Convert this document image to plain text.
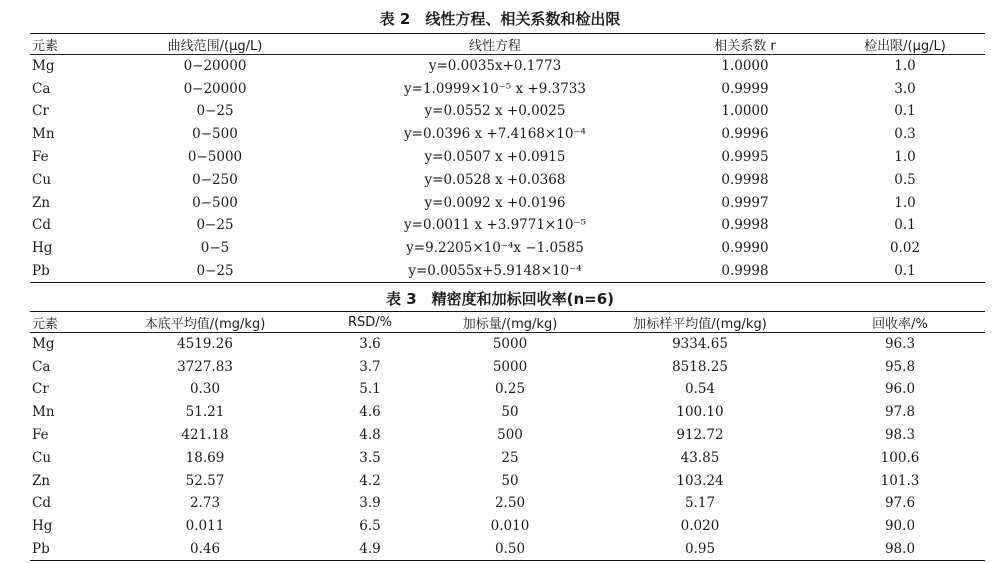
表 2　线性方程、相关系数和检出限
元素	曲线范围/(μg/L)	线性方程	相关系数 r	检出限/(μg/L)
Mg	0−20000	y=0.0035x+0.1773	1.0000	1.0
Ca	0−20000	y=1.0999×10⁻⁵ x +9.3733	0.9999	3.0
Cr	0−25	y=0.0552 x +0.0025	1.0000	0.1
Mn	0−500	y=0.0396 x +7.4168×10⁻⁴	0.9996	0.3
Fe	0−5000	y=0.0507 x +0.0915	0.9995	1.0
Cu	0−250	y=0.0528 x +0.0368	0.9998	0.5
Zn	0−500	y=0.0092 x +0.0196	0.9997	1.0
Cd	0−25	y=0.0011 x +3.9771×10⁻⁵	0.9998	0.1
Hg	0−5	y=9.2205×10⁻⁴x −1.0585	0.9990	0.02
Pb	0−25	y=0.0055x+5.9148×10⁻⁴	0.9998	0.1
表 3　精密度和加标回收率(n=6)
元素	本底平均值/(mg/kg)	RSD/%	加标量/(mg/kg)	加标样平均值/(mg/kg)	回收率/%
Mg	4519.26	3.6	5000	9334.65	96.3
Ca	3727.83	3.7	5000	8518.25	95.8
Cr	0.30	5.1	0.25	0.54	96.0
Mn	51.21	4.6	50	100.10	97.8
Fe	421.18	4.8	500	912.72	98.3
Cu	18.69	3.5	25	43.85	100.6
Zn	52.57	4.2	50	103.24	101.3
Cd	2.73	3.9	2.50	5.17	97.6
Hg	0.011	6.5	0.010	0.020	90.0
Pb	0.46	4.9	0.50	0.95	98.0
